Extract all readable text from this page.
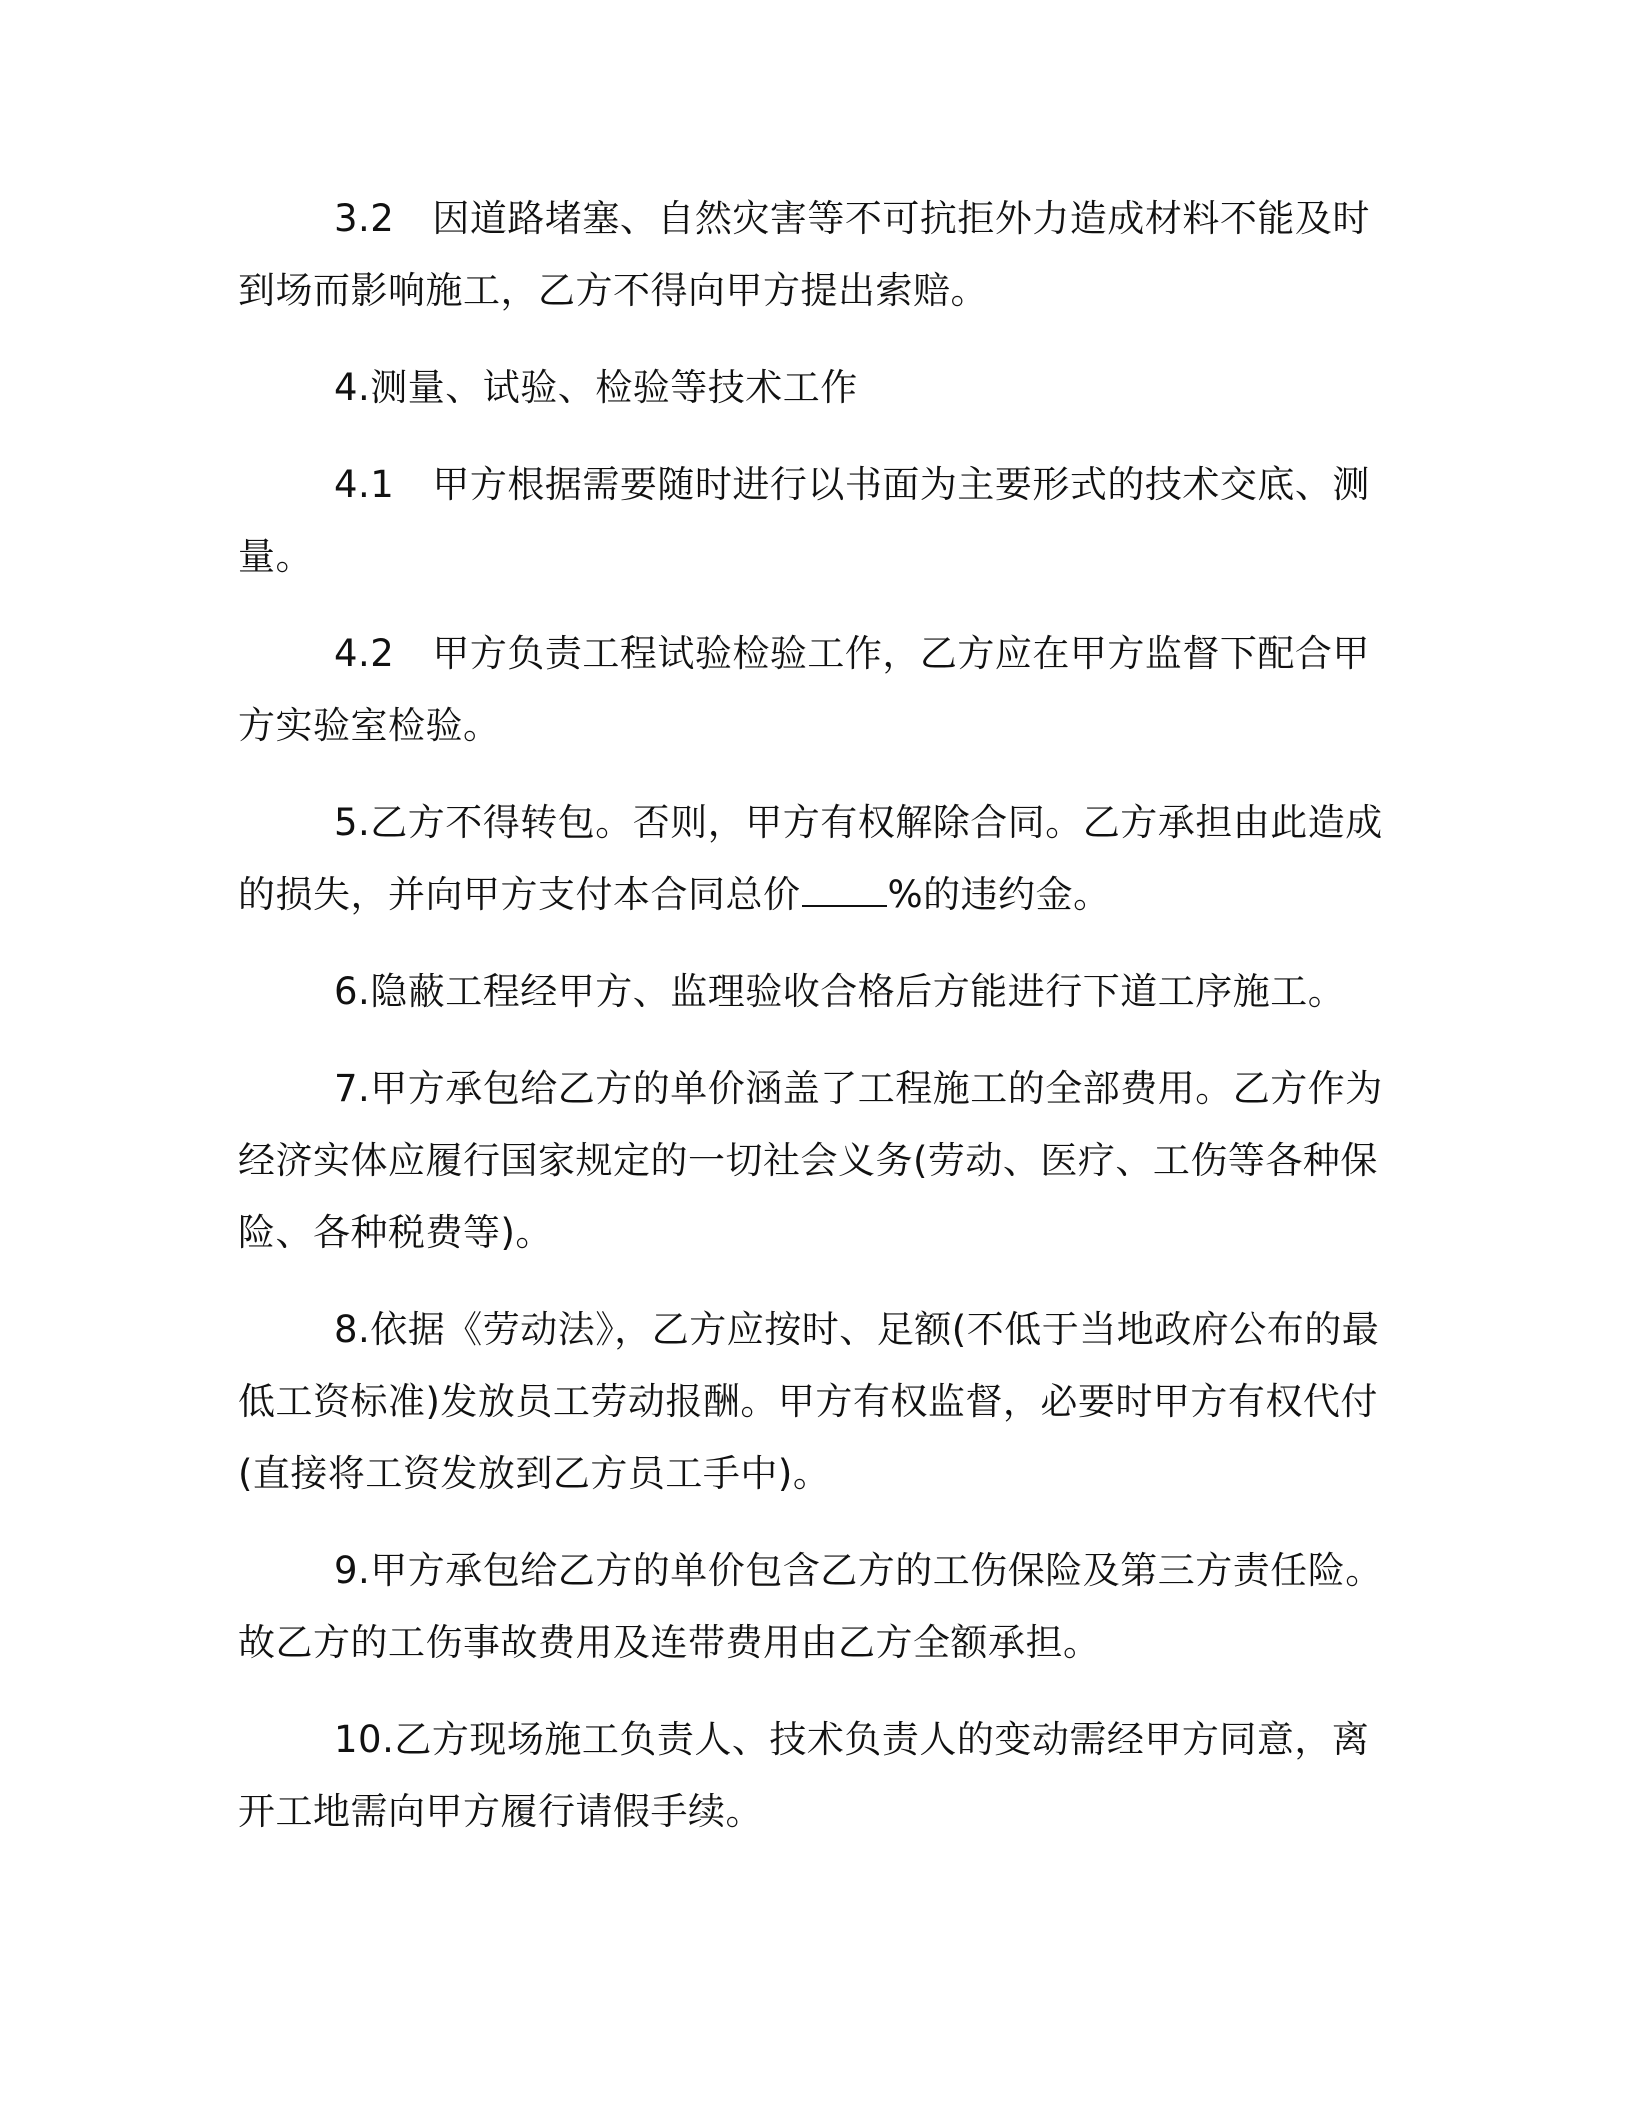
3.2 因道路堵塞、自然灾害等不可抗拒外力造成材料不能及时到场而影响施工，乙方不得向甲方提出索赔。

4.测量、试验、检验等技术工作

4.1 甲方根据需要随时进行以书面为主要形式的技术交底、测量。

4.2 甲方负责工程试验检验工作，乙方应在甲方监督下配合甲方实验室检验。

5.乙方不得转包。否则，甲方有权解除合同。乙方承担由此造成的损失，并向甲方支付本合同总价 %的违约金。

6.隐蔽工程经甲方、监理验收合格后方能进行下道工序施工。

7.甲方承包给乙方的单价涵盖了工程施工的全部费用。乙方作为经济实体应履行国家规定的一切社会义务(劳动、医疗、工伤等各种保险、各种税费等)。

8.依据《劳动法》，乙方应按时、足额(不低于当地政府公布的最低工资标准)发放员工劳动报酬。甲方有权监督，必要时甲方有权代付(直接将工资发放到乙方员工手中)。

9.甲方承包给乙方的单价包含乙方的工伤保险及第三方责任险。故乙方的工伤事故费用及连带费用由乙方全额承担。

10.乙方现场施工负责人、技术负责人的变动需经甲方同意，离开工地需向甲方履行请假手续。
